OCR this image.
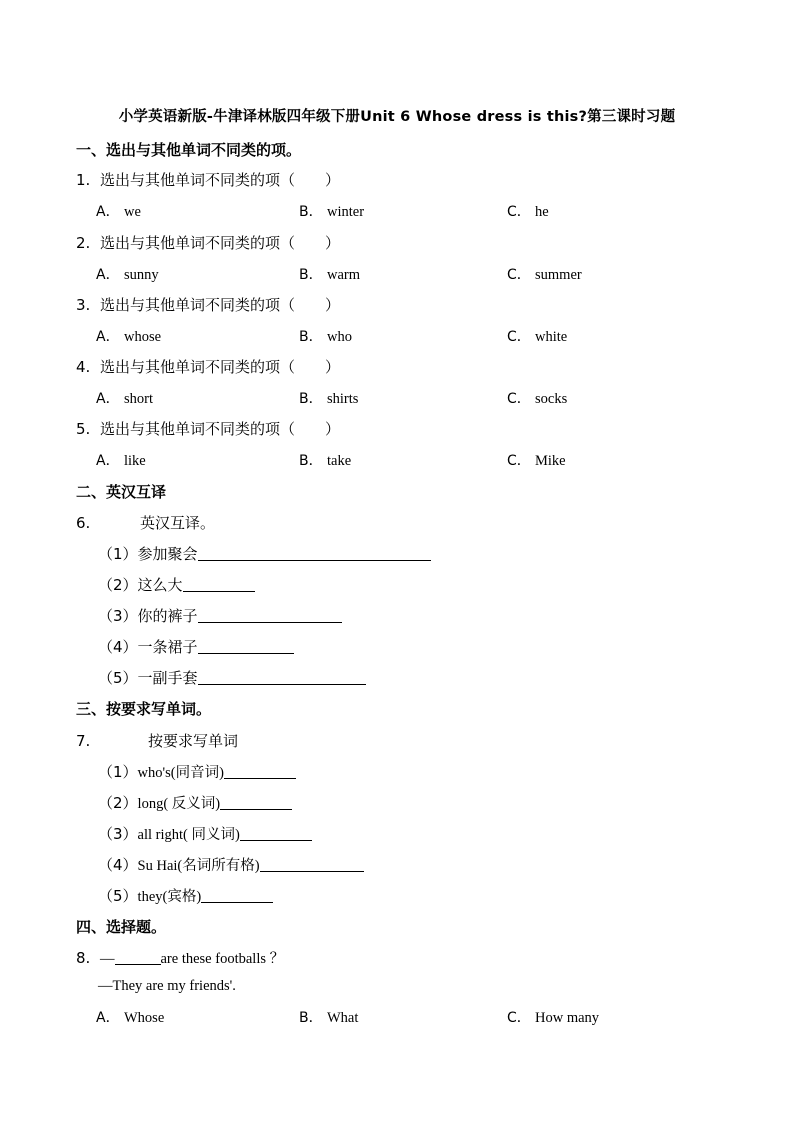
小学英语新版-牛津译林版四年级下册Unit 6 Whose dress is this?第三课时习题
一、选出与其他单词不同类的项。
1. 选出与其他单词不同类的项（　　）
A． we	B． winter	C． he
2. 选出与其他单词不同类的项（　　）
A． sunny	B． warm	C． summer
3. 选出与其他单词不同类的项（　　）
A． whose	B． who	C． white
4. 选出与其他单词不同类的项（　　）
A． short	B． shirts	C． socks
5. 选出与其他单词不同类的项（　　）
A． like	B． take	C． Mike
二、英汉互译
6.	英汉互译。
（1）参加聚会
（2）这么大
（3）你的裤子
（4）一条裙子
（5）一副手套
三、按要求写单词。
7.	按要求写单词
（1）who's(同音词)
（2）long( 反义词)
（3）all right( 同义词)
（4）Su Hai(名词所有格)
（5）they(宾格)
四、选择题。
8. —	are these footballs ？
—They are my friends'.
A． Whose	B． What	C． How many
